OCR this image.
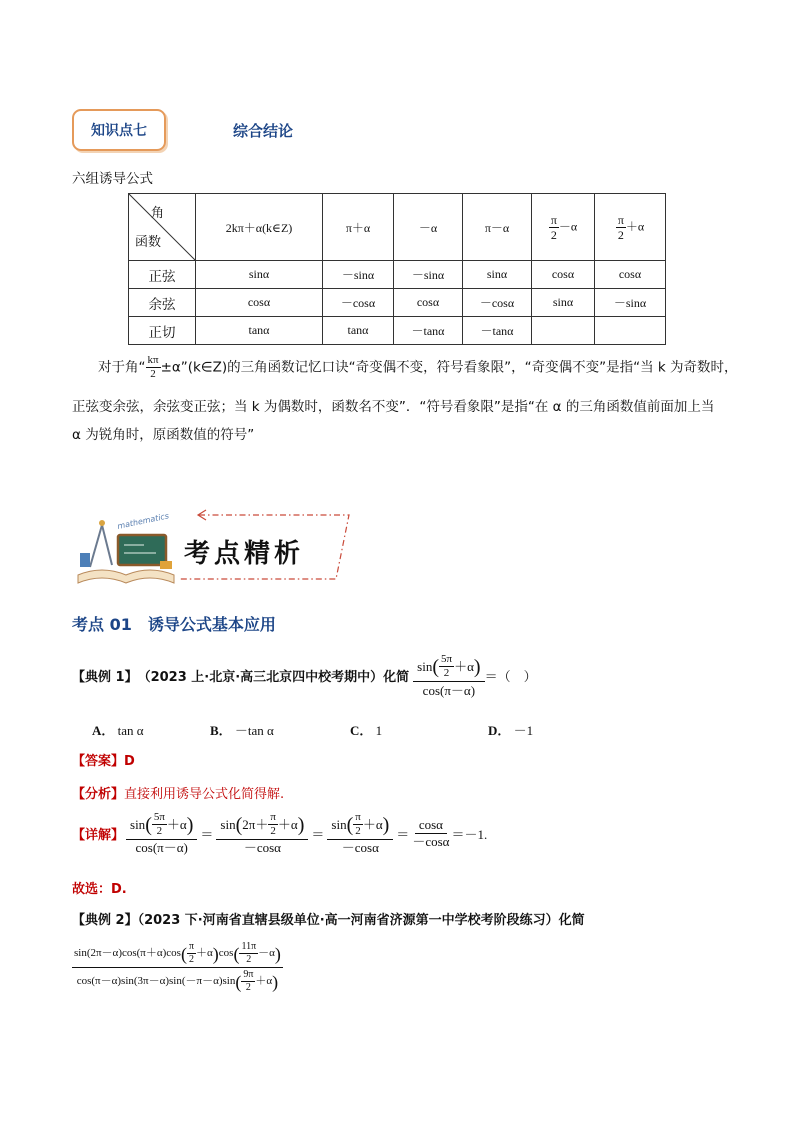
知识点七	综合结论
六组诱导公式
角
函数	2kπ＋α(k∈Z)	π＋α	－α	π－α	$\frac{\pi}{2} -\alpha$	$\frac{\pi}{2} +\alpha$
正弦	sinα	－sinα	－sinα	sinα	cosα	cosα
余弦	cosα	－cosα	cosα	－cosα	sinα	－sinα
正切	tanα	tanα	－tanα	－tanα		
对于角“ $\frac{k\pi}{2}$ ±α”(k∈Z)的三角函数记忆口诀“奇变偶不变，符号看象限”，“奇变偶不变”是指“当 k 为奇数时，
正弦变余弦，余弦变正弦；当 k 为偶数时，函数名不变”．“符号看象限”是指“在 α 的三角函数值前面加上当
α 为锐角时，原函数值的符号”
mathematics
考点精析
考点 01　诱导公式基本应用
【典例 1】 （2023 上·北京·高三北京四中校考期中）化简 $\frac{\sin ( \frac{5\pi}{2} +\alpha )}{\cos(\pi-\alpha)}$ ＝（　）
A． tan α	B． －tan α	C． 1	D． －1
【答案】D
【分析】直接利用诱导公式化简得解.
【详解】 $\frac{\sin ( \frac{5\pi}{2} +\alpha )}{\cos(\pi-\alpha)} = \frac{\sin ( 2\pi+ \frac{\pi}{2} +\alpha )}{-\cos\alpha} = \frac{\sin ( \frac{\pi}{2} +\alpha )}{-\cos\alpha} = \frac{\cos\alpha}{-\cos\alpha} =-1$.
故选：D.
【典例 2】（2023 下·河南省直辖县级单位·高一河南省济源第一中学校考阶段练习）化简
$\frac{\sin(2\pi-\alpha)\cos(\pi+\alpha)\cos ( \frac{\pi}{2} +\alpha ) \cos ( \frac{11\pi}{2} -\alpha )}{\cos(\pi-\alpha)\sin(3\pi-\alpha)\sin(-\pi-\alpha)\sin ( \frac{9\pi}{2} +\alpha )}$
